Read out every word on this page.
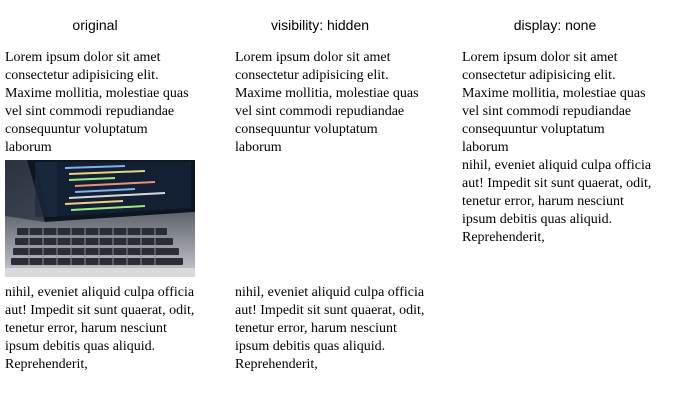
original	visibility: hidden	display: none

Lorem ipsum dolor sit amet consectetur adipisicing elit. Maxime mollitia, molestiae quas vel sint commodi repudiandae consequuntur voluptatum laborum

nihil, eveniet aliquid culpa officia aut! Impedit sit sunt quaerat, odit, tenetur error, harum nesciunt ipsum debitis quas aliquid. Reprehenderit,

Lorem ipsum dolor sit amet consectetur adipisicing elit. Maxime mollitia, molestiae quas vel sint commodi repudiandae consequuntur voluptatum laborum

nihil, eveniet aliquid culpa officia aut! Impedit sit sunt quaerat, odit, tenetur error, harum nesciunt ipsum debitis quas aliquid. Reprehenderit,

Lorem ipsum dolor sit amet consectetur adipisicing elit. Maxime mollitia, molestiae quas vel sint commodi repudiandae consequuntur voluptatum laborum

nihil, eveniet aliquid culpa officia aut! Impedit sit sunt quaerat, odit, tenetur error, harum nesciunt ipsum debitis quas aliquid. Reprehenderit,
